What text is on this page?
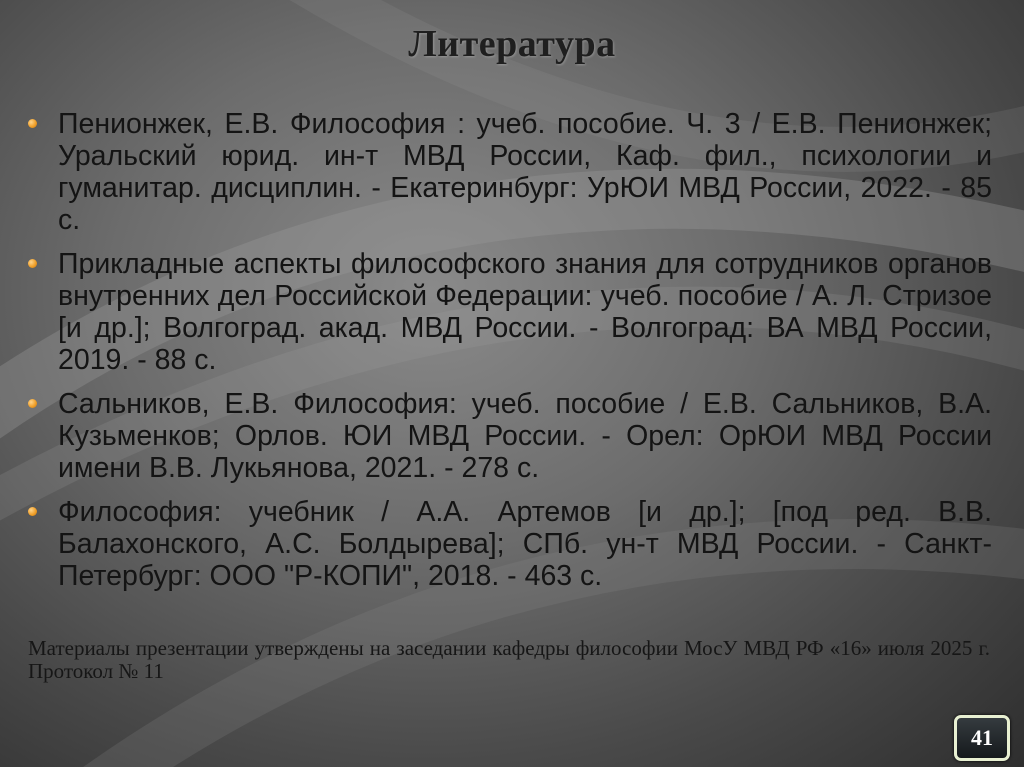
Литература
Пенионжек, Е.В. Философия : учеб. пособие. Ч. 3 / Е.В. Пенионжек; Уральский юрид. ин-т МВД России, Каф. фил., психологии и гуманитар. дисциплин. - Екатеринбург: УрЮИ МВД России, 2022. - 85 с.
Прикладные аспекты философского знания для сотрудников органов внутренних дел Российской Федерации: учеб. пособие / А. Л. Стризое [и др.]; Волгоград. акад. МВД России. - Волгоград: ВА МВД России, 2019. - 88 с.
Сальников, Е.В. Философия: учеб. пособие / Е.В. Сальников, В.А. Кузьменков; Орлов. ЮИ МВД России. - Орел: ОрЮИ МВД России имени В.В. Лукьянова, 2021. - 278 с.
Философия: учебник / А.А. Артемов [и др.]; [под ред. В.В. Балахонского, А.С. Болдырева]; СПб. ун-т МВД России. - Санкт-Петербург: ООО "Р-КОПИ", 2018. - 463 с.
Материалы презентации утверждены на заседании кафедры философии МосУ МВД РФ «16» июля 2025 г. Протокол № 11
41
